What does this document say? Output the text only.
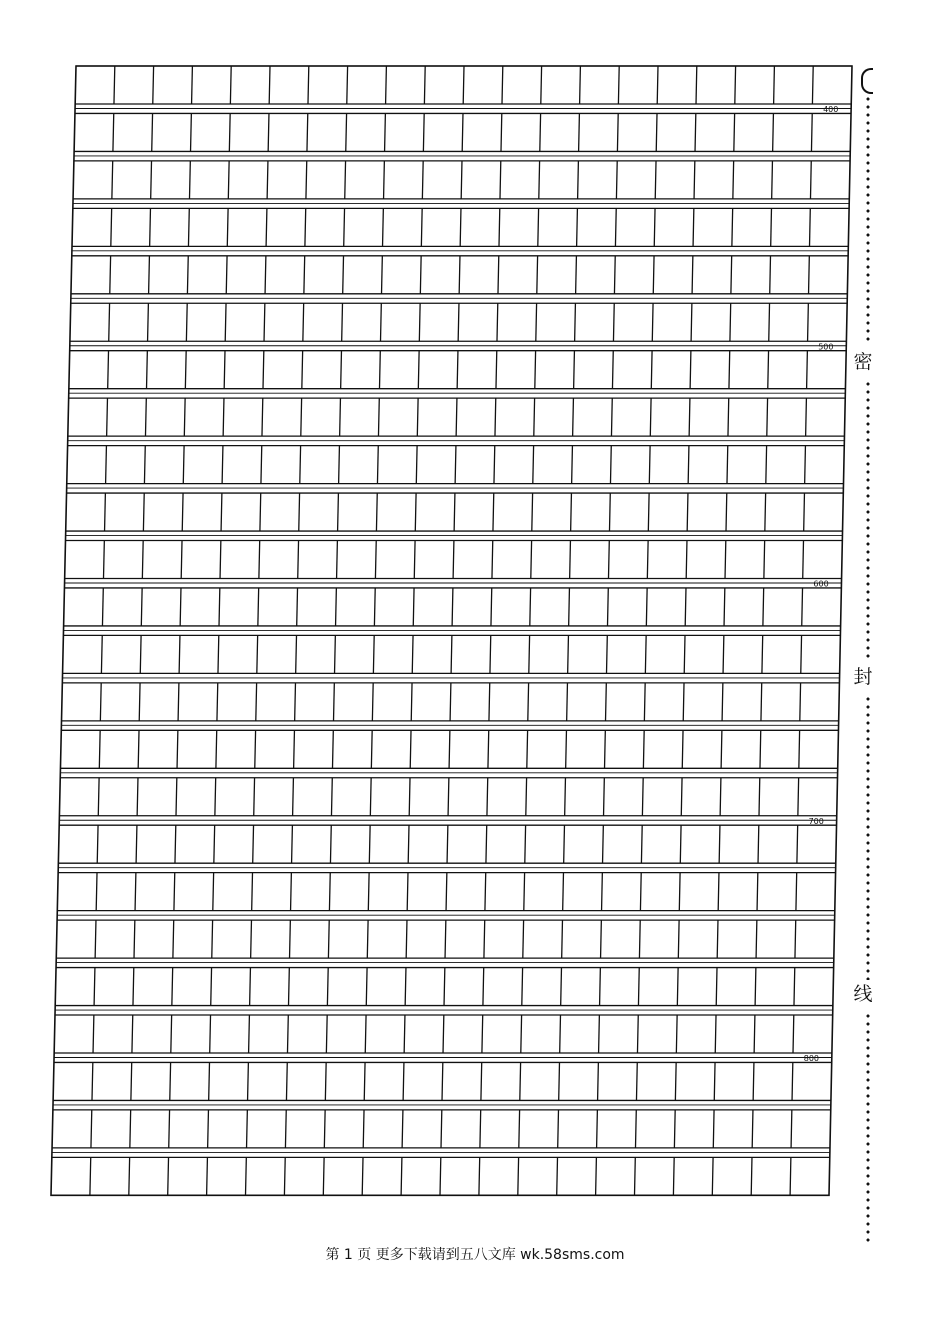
400
500
600
700
800
密
封
线
第 1 页 更多下载请到五八文库 wk.58sms.com
